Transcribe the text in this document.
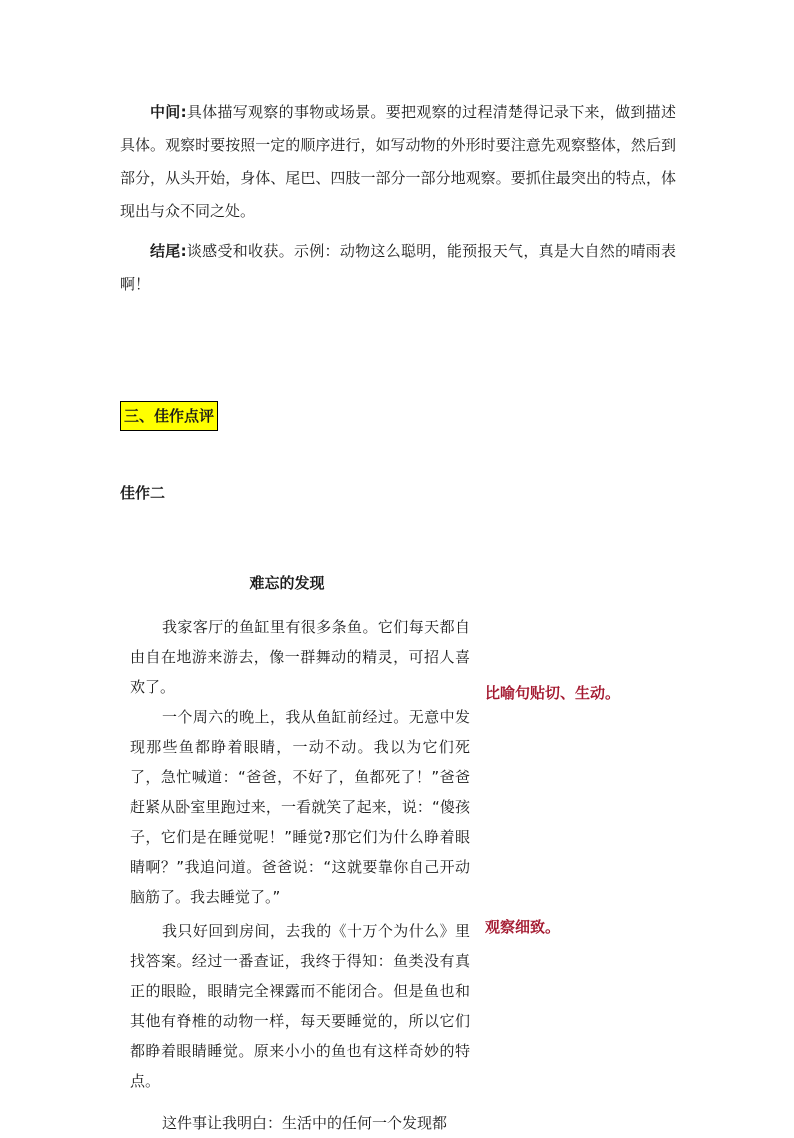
中间:具体描写观察的事物或场景。要把观察的过程清楚得记录下来，做到描述具体。观察时要按照一定的顺序进行，如写动物的外形时要注意先观察整体，然后到部分，从头开始，身体、尾巴、四肢一部分一部分地观察。要抓住最突出的特点，体现出与众不同之处。

结尾:谈感受和收获。示例：动物这么聪明，能预报天气，真是大自然的晴雨表啊！

三、佳作点评
佳作二
难忘的发现

我家客厅的鱼缸里有很多条鱼。它们每天都自由自在地游来游去，像一群舞动的精灵，可招人喜欢了。

一个周六的晚上，我从鱼缸前经过。无意中发现那些鱼都睁着眼睛，一动不动。我以为它们死了，急忙喊道：“爸爸，不好了，鱼都死了！”爸爸赶紧从卧室里跑过来，一看就笑了起来，说：“傻孩子，它们是在睡觉呢！”睡觉?那它们为什么睁着眼睛啊？”我追问道。爸爸说：“这就要靠你自己开动脑筋了。我去睡觉了。”

我只好回到房间，去我的《十万个为什么》里找答案。经过一番查证，我终于得知：鱼类没有真正的眼睑，眼睛完全裸露而不能闭合。但是鱼也和其他有脊椎的动物一样，每天要睡觉的，所以它们都睁着眼睛睡觉。原来小小的鱼也有这样奇妙的特点。

这件事让我明白：生活中的任何一个发现都

比喻句贴切、生动。
观察细致。
